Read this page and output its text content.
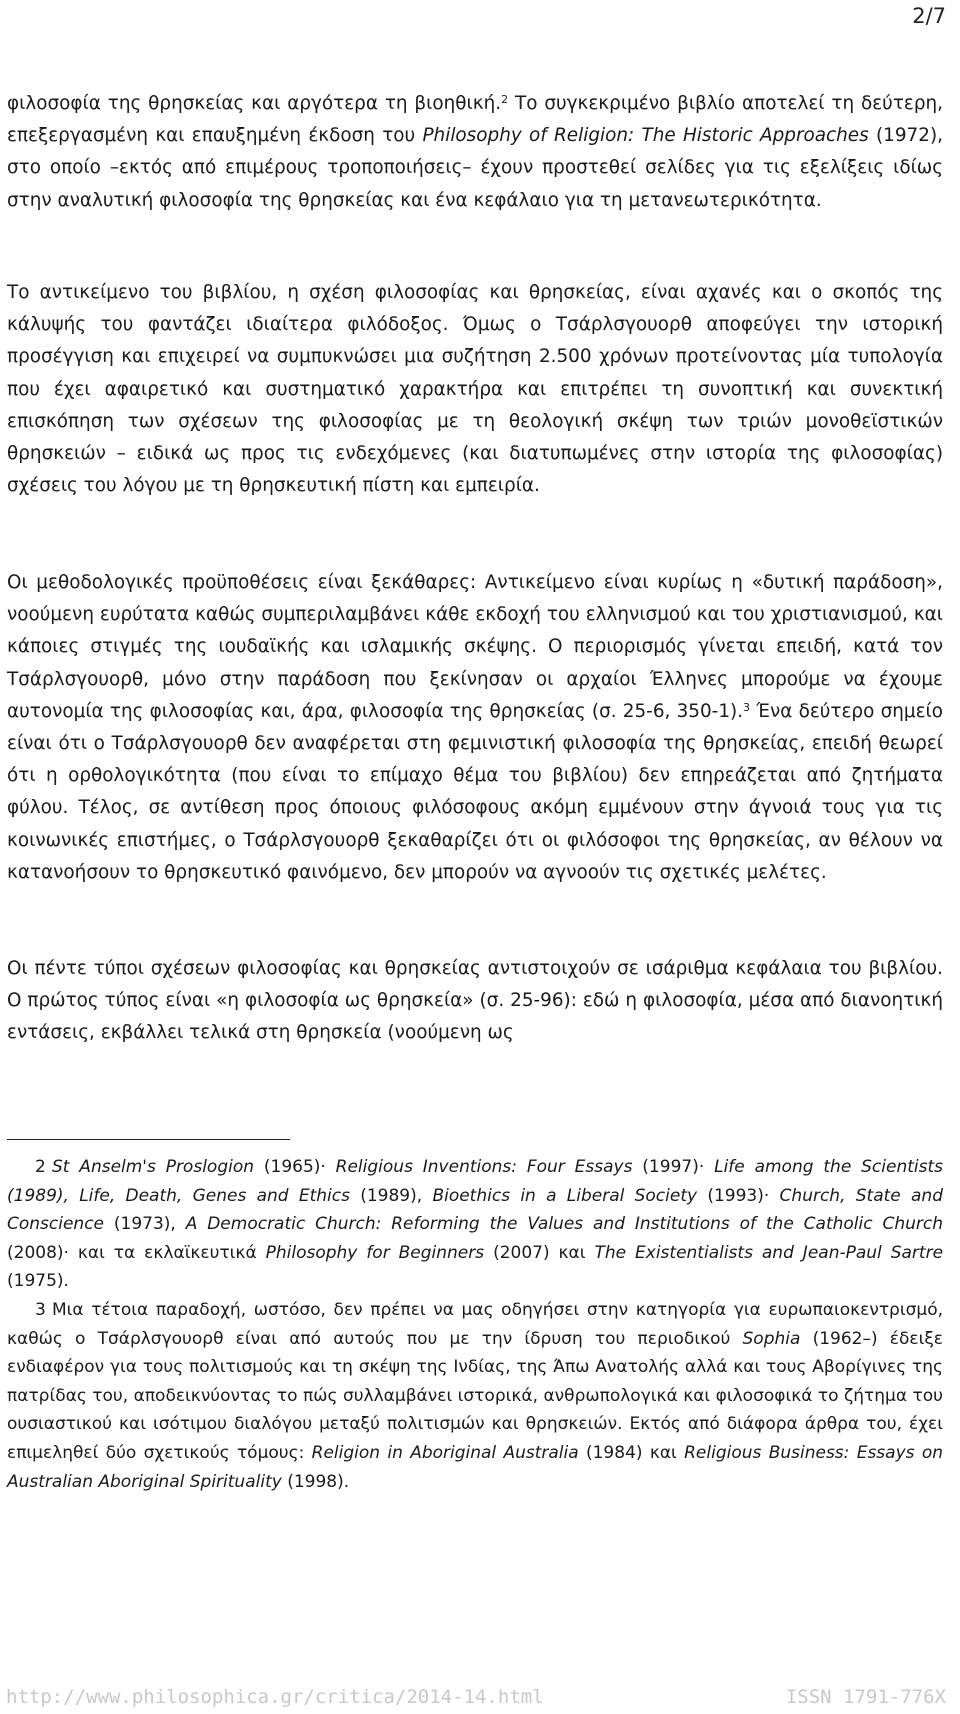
2/7

φιλοσοφία της θρησκείας και αργότερα τη βιοηθική.$^2$ Το συγκεκριμένο βιβλίο αποτελεί τη δεύτερη, επεξεργασμένη και επαυξημένη έκδοση του Philosophy of Religion: The Historic Approaches (1972), στο οποίο –εκτός από επιμέρους τροποποιήσεις– έχουν προστεθεί σελίδες για τις εξελίξεις ιδίως στην αναλυτική φιλοσοφία της θρησκείας και ένα κεφάλαιο για τη μετανεωτερικότητα.

Το αντικείμενο του βιβλίου, η σχέση φιλοσοφίας και θρησκείας, είναι αχανές και ο σκοπός της κάλυψής του φαντάζει ιδιαίτερα φιλόδοξος. Όμως ο Τσάρλσγουορθ αποφεύγει την ιστορική προσέγγιση και επιχειρεί να συμπυκνώσει μια συζήτηση 2.500 χρόνων προτείνοντας μία τυπολογία που έχει αφαιρετικό και συστηματικό χαρακτήρα και επιτρέπει τη συνοπτική και συνεκτική επισκόπηση των σχέσεων της φιλοσοφίας με τη θεολογική σκέψη των τριών μονοθεϊστικών θρησκειών – ειδικά ως προς τις ενδεχόμενες (και διατυπωμένες στην ιστορία της φιλοσοφίας) σχέσεις του λόγου με τη θρησκευτική πίστη και εμπειρία.

Οι μεθοδολογικές προϋποθέσεις είναι ξεκάθαρες: Αντικείμενο είναι κυρίως η «δυτική παράδοση», νοούμενη ευρύτατα καθώς συμπεριλαμβάνει κάθε εκδοχή του ελληνισμού και του χριστιανισμού, και κάποιες στιγμές της ιουδαϊκής και ισλαμικής σκέψης. Ο περιορισμός γίνεται επειδή, κατά τον Τσάρλσγουορθ, μόνο στην παράδοση που ξεκίνησαν οι αρχαίοι Έλληνες μπορούμε να έχουμε αυτονομία της φιλοσοφίας και, άρα, φιλοσοφία της θρησκείας (σ. 25-6, 350-1).$^3$ Ένα δεύτερο σημείο είναι ότι ο Τσάρλσγουορθ δεν αναφέρεται στη φεμινιστική φιλοσοφία της θρησκείας, επειδή θεωρεί ότι η ορθολογικότητα (που είναι το επίμαχο θέμα του βιβλίου) δεν επηρεάζεται από ζητήματα φύλου. Τέλος, σε αντίθεση προς όποιους φιλόσοφους ακόμη εμμένουν στην άγνοιά τους για τις κοινωνικές επιστήμες, ο Τσάρλσγουορθ ξεκαθαρίζει ότι οι φιλόσοφοι της θρησκείας, αν θέλουν να κατανοήσουν το θρησκευτικό φαινόμενο, δεν μπορούν να αγνοούν τις σχετικές μελέτες.

Οι πέντε τύποι σχέσεων φιλοσοφίας και θρησκείας αντιστοιχούν σε ισάριθμα κεφάλαια του βιβλίου. Ο πρώτος τύπος είναι «η φιλοσοφία ως θρησκεία» (σ. 25-96): εδώ η φιλοσοφία, μέσα από διανοητική εντάσεις, εκβάλλει τελικά στη θρησκεία (νοούμενη ως

2 St Anselm's Proslogion (1965)· Religious Inventions: Four Essays (1997)· Life among the Scientists (1989), Life, Death, Genes and Ethics (1989), Bioethics in a Liberal Society (1993)· Church, State and Conscience (1973), A Democratic Church: Reforming the Values and Institutions of the Catholic Church (2008)· και τα εκλαϊκευτικά Philosophy for Beginners (2007) και The Existentialists and Jean-Paul Sartre (1975).

3 Μια τέτοια παραδοχή, ωστόσο, δεν πρέπει να μας οδηγήσει στην κατηγορία για ευρωπαιοκεντρισμό, καθώς ο Τσάρλσγουορθ είναι από αυτούς που με την ίδρυση του περιοδικού Sophia (1962–) έδειξε ενδιαφέρον για τους πολιτισμούς και τη σκέψη της Ινδίας, της Άπω Ανατολής αλλά και τους Αβορίγινες της πατρίδας του, αποδεικνύοντας το πώς συλλαμβάνει ιστορικά, ανθρωπολογικά και φιλοσοφικά το ζήτημα του ουσιαστικού και ισότιμου διαλόγου μεταξύ πολιτισμών και θρησκειών. Εκτός από διάφορα άρθρα του, έχει επιμεληθεί δύο σχετικούς τόμους: Religion in Aboriginal Australia (1984) και Religious Business: Essays on Australian Aboriginal Spirituality (1998).

http://www.philosophica.gr/critica/2014-14.html	ISSN 1791-776X
